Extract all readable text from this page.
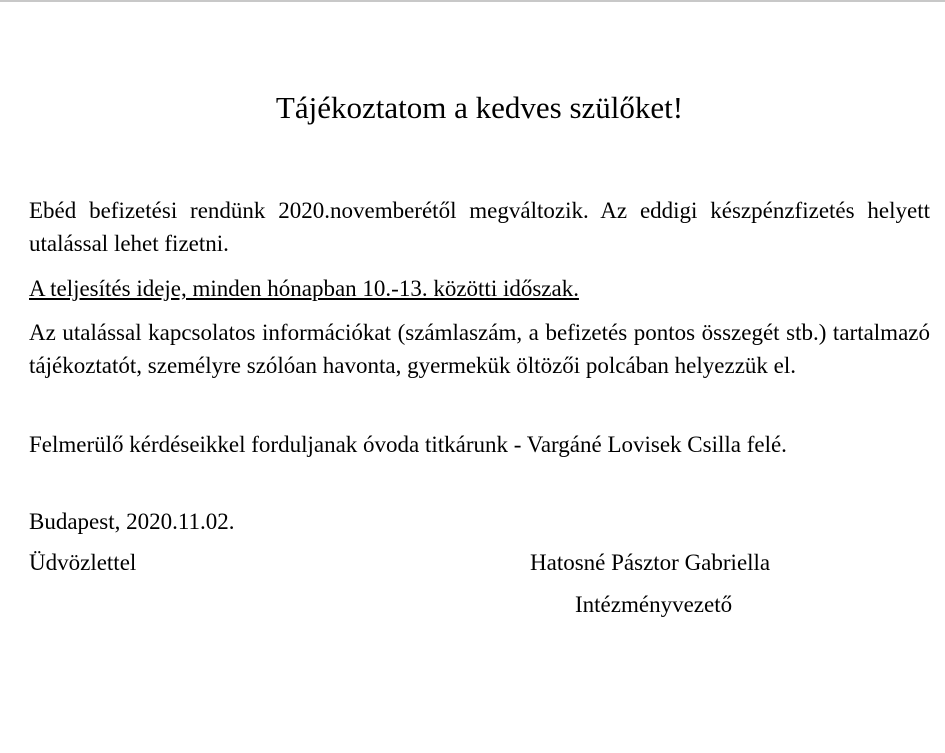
Tájékoztatom a kedves szülőket!

Ebéd befizetési rendünk 2020.novemberétől megváltozik. Az eddigi készpénzfizetés helyett utalással lehet fizetni.

A teljesítés ideje, minden hónapban 10.-13. közötti időszak.

Az utalással kapcsolatos információkat (számlaszám, a befizetés pontos összegét stb.) tartalmazó tájékoztatót, személyre szólóan havonta, gyermekük öltözői polcában helyezzük el.

Felmerülő kérdéseikkel forduljanak óvoda titkárunk - Vargáné Lovisek Csilla felé.

Budapest, 2020.11.02.

Üdvözlettel	Hatosné Pásztor Gabriella

Intézményvezető
